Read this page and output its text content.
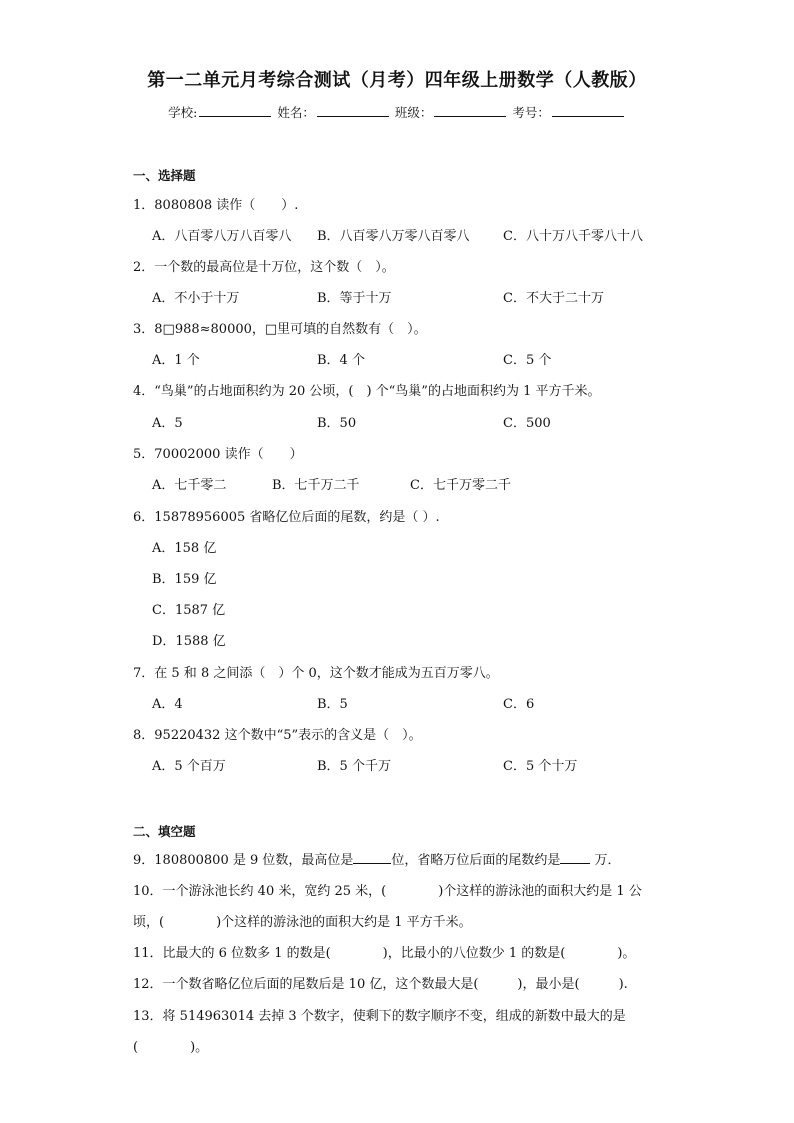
第一二单元月考综合测试（月考）四年级上册数学（人教版）
学校:	姓名：	班级：	考号：
一、选择题
1．8080808 读作（　　）.
A．八百零八万八百零八 B．八百零八万零八百零八	C．八十万八千零八十八
2．一个数的最高位是十万位，这个数（　）。
A．不小于十万	B．等于十万	C．不大于二十万
3．8□988≈80000，□里可填的自然数有（　）。
A．1 个	B．4 个	C．5 个
4．“鸟巢”的占地面积约为 20 公顷，(　) 个“鸟巢”的占地面积约为 1 平方千米。
A．5	B．50	C．500
5．70002000 读作（　　）
A．七千零二	B．七千万二千	C．七千万零二千
6．15878956005 省略亿位后面的尾数，约是（ ）.
A．158 亿
B．159 亿
C．1587 亿
D．1588 亿
7．在 5 和 8 之间添（　）个 0，这个数才能成为五百万零八。
A．4	B．5	C．6
8．95220432 这个数中“5”表示的含义是（　）。
A．5 个百万	B．5 个千万	C．5 个十万
二、填空题
9．180800800 是 9 位数，最高位是	位，省略万位后面的尾数约是 万．
10．一个游泳池长约 40 米，宽约 25 米，(　　　　)个这样的游泳池的面积大约是 1 公
顷，(　　　　)个这样的游泳池的面积大约是 1 平方千米。
11．比最大的 6 位数多 1 的数是(　　　　)，比最小的八位数少 1 的数是(　　　　)。
12．一个数省略亿位后面的尾数后是 10 亿，这个数最大是(　　　)，最小是(　　　).
13．将 514963014 去掉 3 个数字，使剩下的数字顺序不变，组成的新数中最大的是
(　　　　)。
